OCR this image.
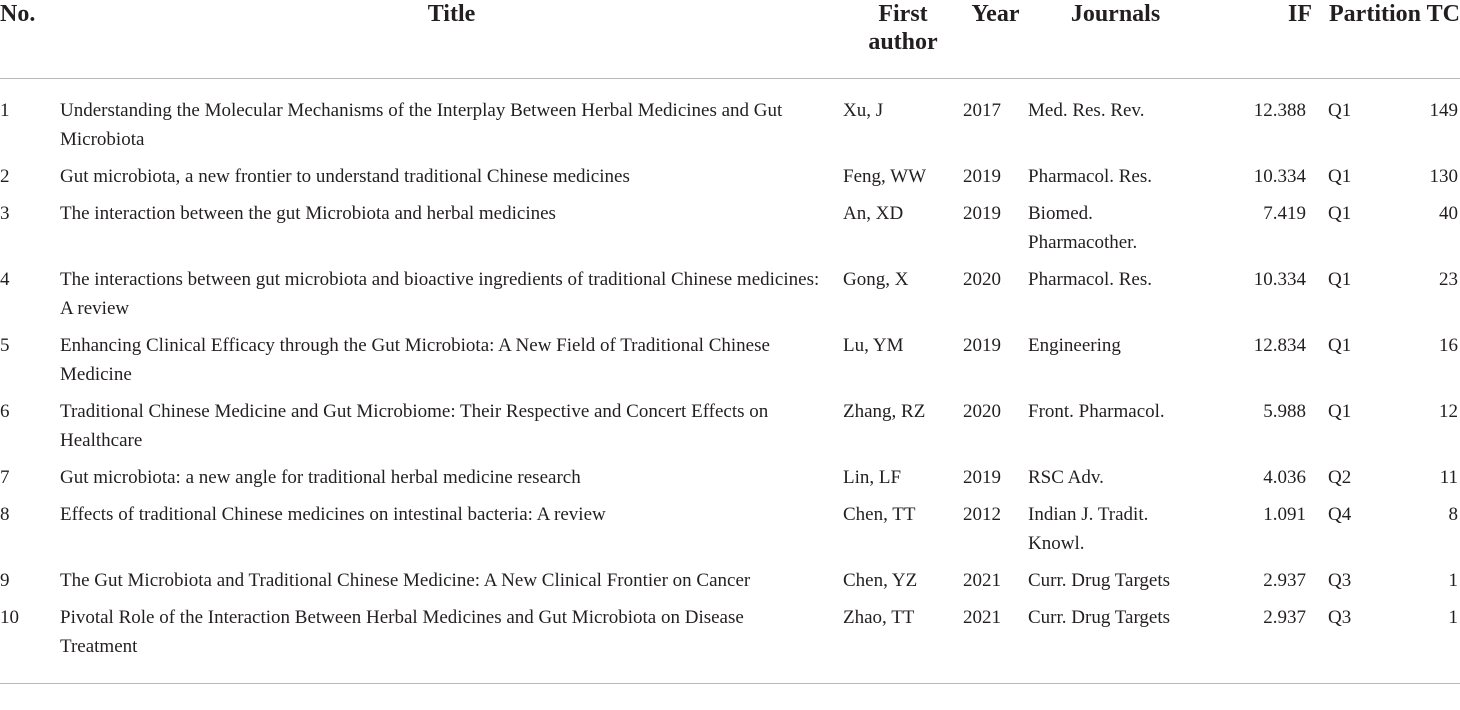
No.	Title	First author	Year	Journals	IF	Partition	TC
1	Understanding the Molecular Mechanisms of the Interplay Between Herbal Medicines and Gut Microbiota	Xu, J	2017	Med. Res. Rev.	12.388	Q1	149
2	Gut microbiota, a new frontier to understand traditional Chinese medicines	Feng, WW	2019	Pharmacol. Res.	10.334	Q1	130
3	The interaction between the gut Microbiota and herbal medicines	An, XD	2019	Biomed. Pharmacother.	7.419	Q1	40
4	The interactions between gut microbiota and bioactive ingredients of traditional Chinese medicines: A review	Gong, X	2020	Pharmacol. Res.	10.334	Q1	23
5	Enhancing Clinical Efficacy through the Gut Microbiota: A New Field of Traditional Chinese Medicine	Lu, YM	2019	Engineering	12.834	Q1	16
6	Traditional Chinese Medicine and Gut Microbiome: Their Respective and Concert Effects on Healthcare	Zhang, RZ	2020	Front. Pharmacol.	5.988	Q1	12
7	Gut microbiota: a new angle for traditional herbal medicine research	Lin, LF	2019	RSC Adv.	4.036	Q2	11
8	Effects of traditional Chinese medicines on intestinal bacteria: A review	Chen, TT	2012	Indian J. Tradit. Knowl.	1.091	Q4	8
9	The Gut Microbiota and Traditional Chinese Medicine: A New Clinical Frontier on Cancer	Chen, YZ	2021	Curr. Drug Targets	2.937	Q3	1
10	Pivotal Role of the Interaction Between Herbal Medicines and Gut Microbiota on Disease Treatment	Zhao, TT	2021	Curr. Drug Targets	2.937	Q3	1
